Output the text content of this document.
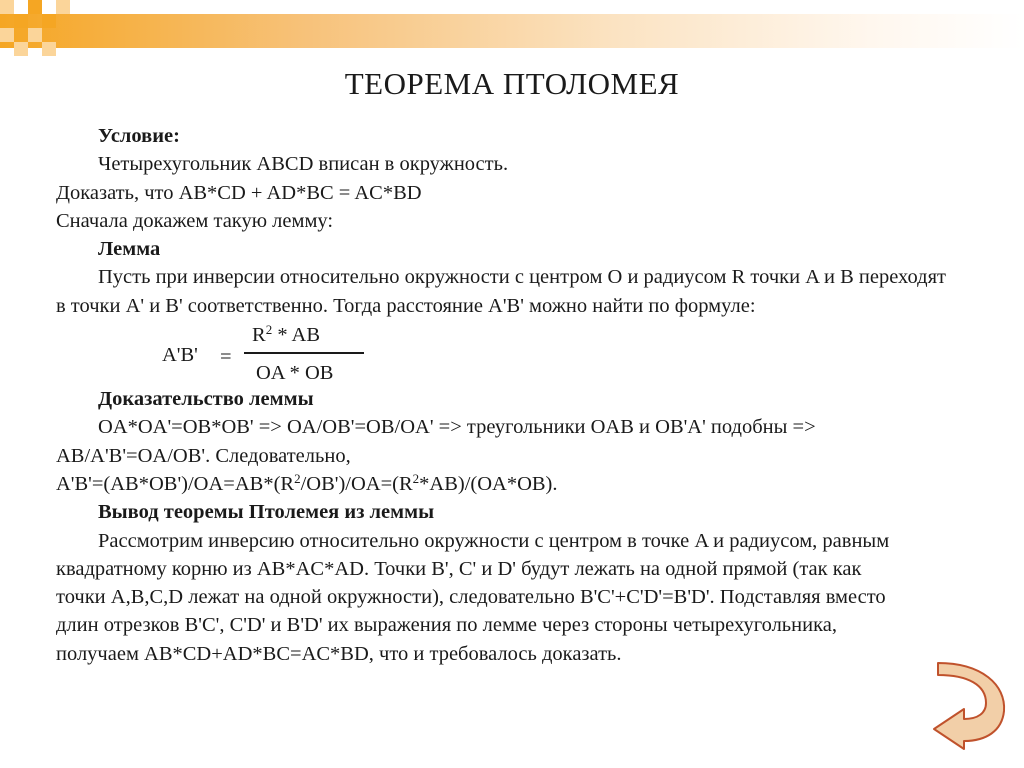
ТЕОРЕМА ПТОЛОМЕЯ
Условие:
Четырехугольник ABCD вписан в окружность.
Доказать, что AB*CD + AD*BC = AC*BD
Сначала докажем такую лемму:
Лемма
Пусть при инверсии относительно окружности с центром O и радиусом R точки A и B переходят в точки A' и B' соответственно. Тогда расстояние A'B' можно найти по формуле:
A'B' =
$R^2$ * AB
OA * OB
Доказательство леммы
OA*OA'=OB*OB' => OA/OB'=OB/OA' => треугольники OAB и OB'A' подобны => AB/A'B'=OA/OB'. Следовательно,
$A'B'=(AB*OB')/OA=AB*(R^2/OB')/OA=(R^2*AB)/(OA*OB)$.
Вывод теоремы Птолемея из леммы
Рассмотрим инверсию относительно окружности с центром в точке A и радиусом, равным квадратному корню из AB*AC*AD. Точки B', C' и D' будут лежать на одной прямой (так как точки A,B,C,D лежат на одной окружности), следовательно B'C'+C'D'=B'D'. Подставляя вместо длин отрезков B'C', C'D' и B'D' их выражения по лемме через стороны четырехугольника, получаем AB*CD+AD*BC=AC*BD, что и требовалось доказать.
